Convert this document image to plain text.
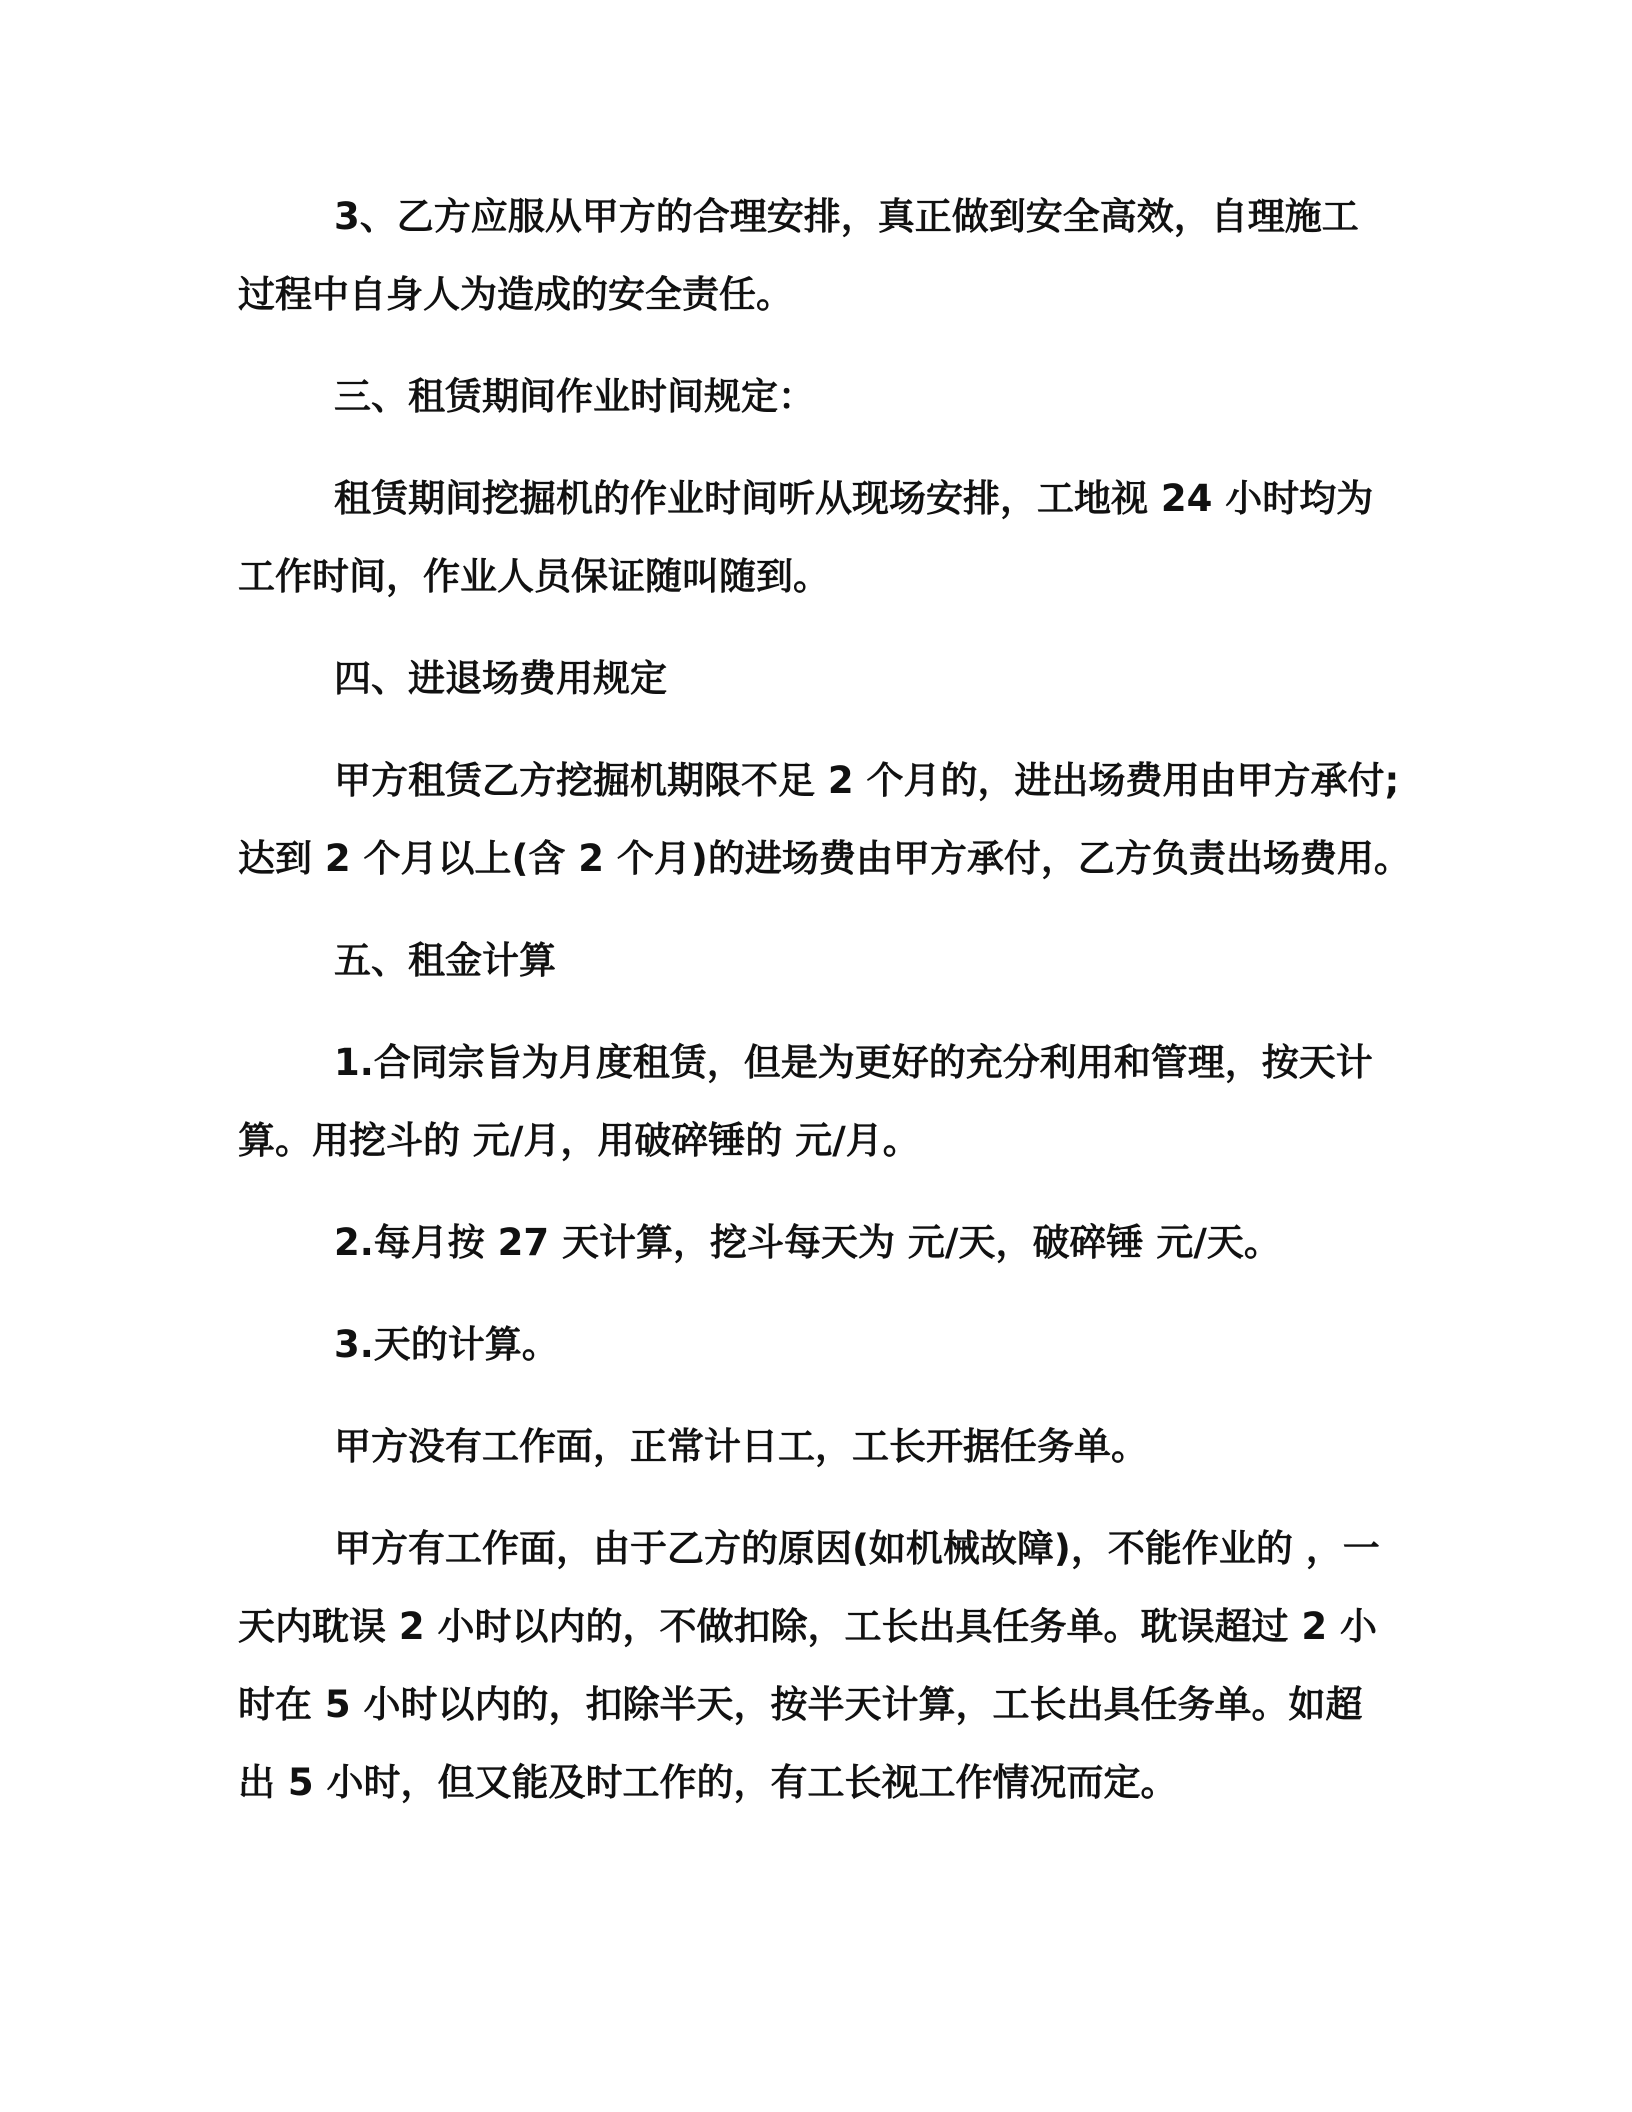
3、乙方应服从甲方的合理安排，真正做到安全高效，自理施工
过程中自身人为造成的安全责任。

三、租赁期间作业时间规定：

租赁期间挖掘机的作业时间听从现场安排，工地视 24 小时均为
工作时间，作业人员保证随叫随到。

四、进退场费用规定

甲方租赁乙方挖掘机期限不足 2 个月的，进出场费用由甲方承付;
达到 2 个月以上(含 2 个月)的进场费由甲方承付，乙方负责出场费用。

五、租金计算

1.合同宗旨为月度租赁，但是为更好的充分利用和管理，按天计
算。用挖斗的 元/月，用破碎锤的 元/月。

2.每月按 27 天计算，挖斗每天为 元/天，破碎锤 元/天。

3.天的计算。

甲方没有工作面，正常计日工，工长开据任务单。

甲方有工作面，由于乙方的原因(如机械故障)，不能作业的 ，一
天内耽误 2 小时以内的，不做扣除，工长出具任务单。耽误超过 2 小
时在 5 小时以内的，扣除半天，按半天计算，工长出具任务单。如超
出 5 小时，但又能及时工作的，有工长视工作情况而定。
